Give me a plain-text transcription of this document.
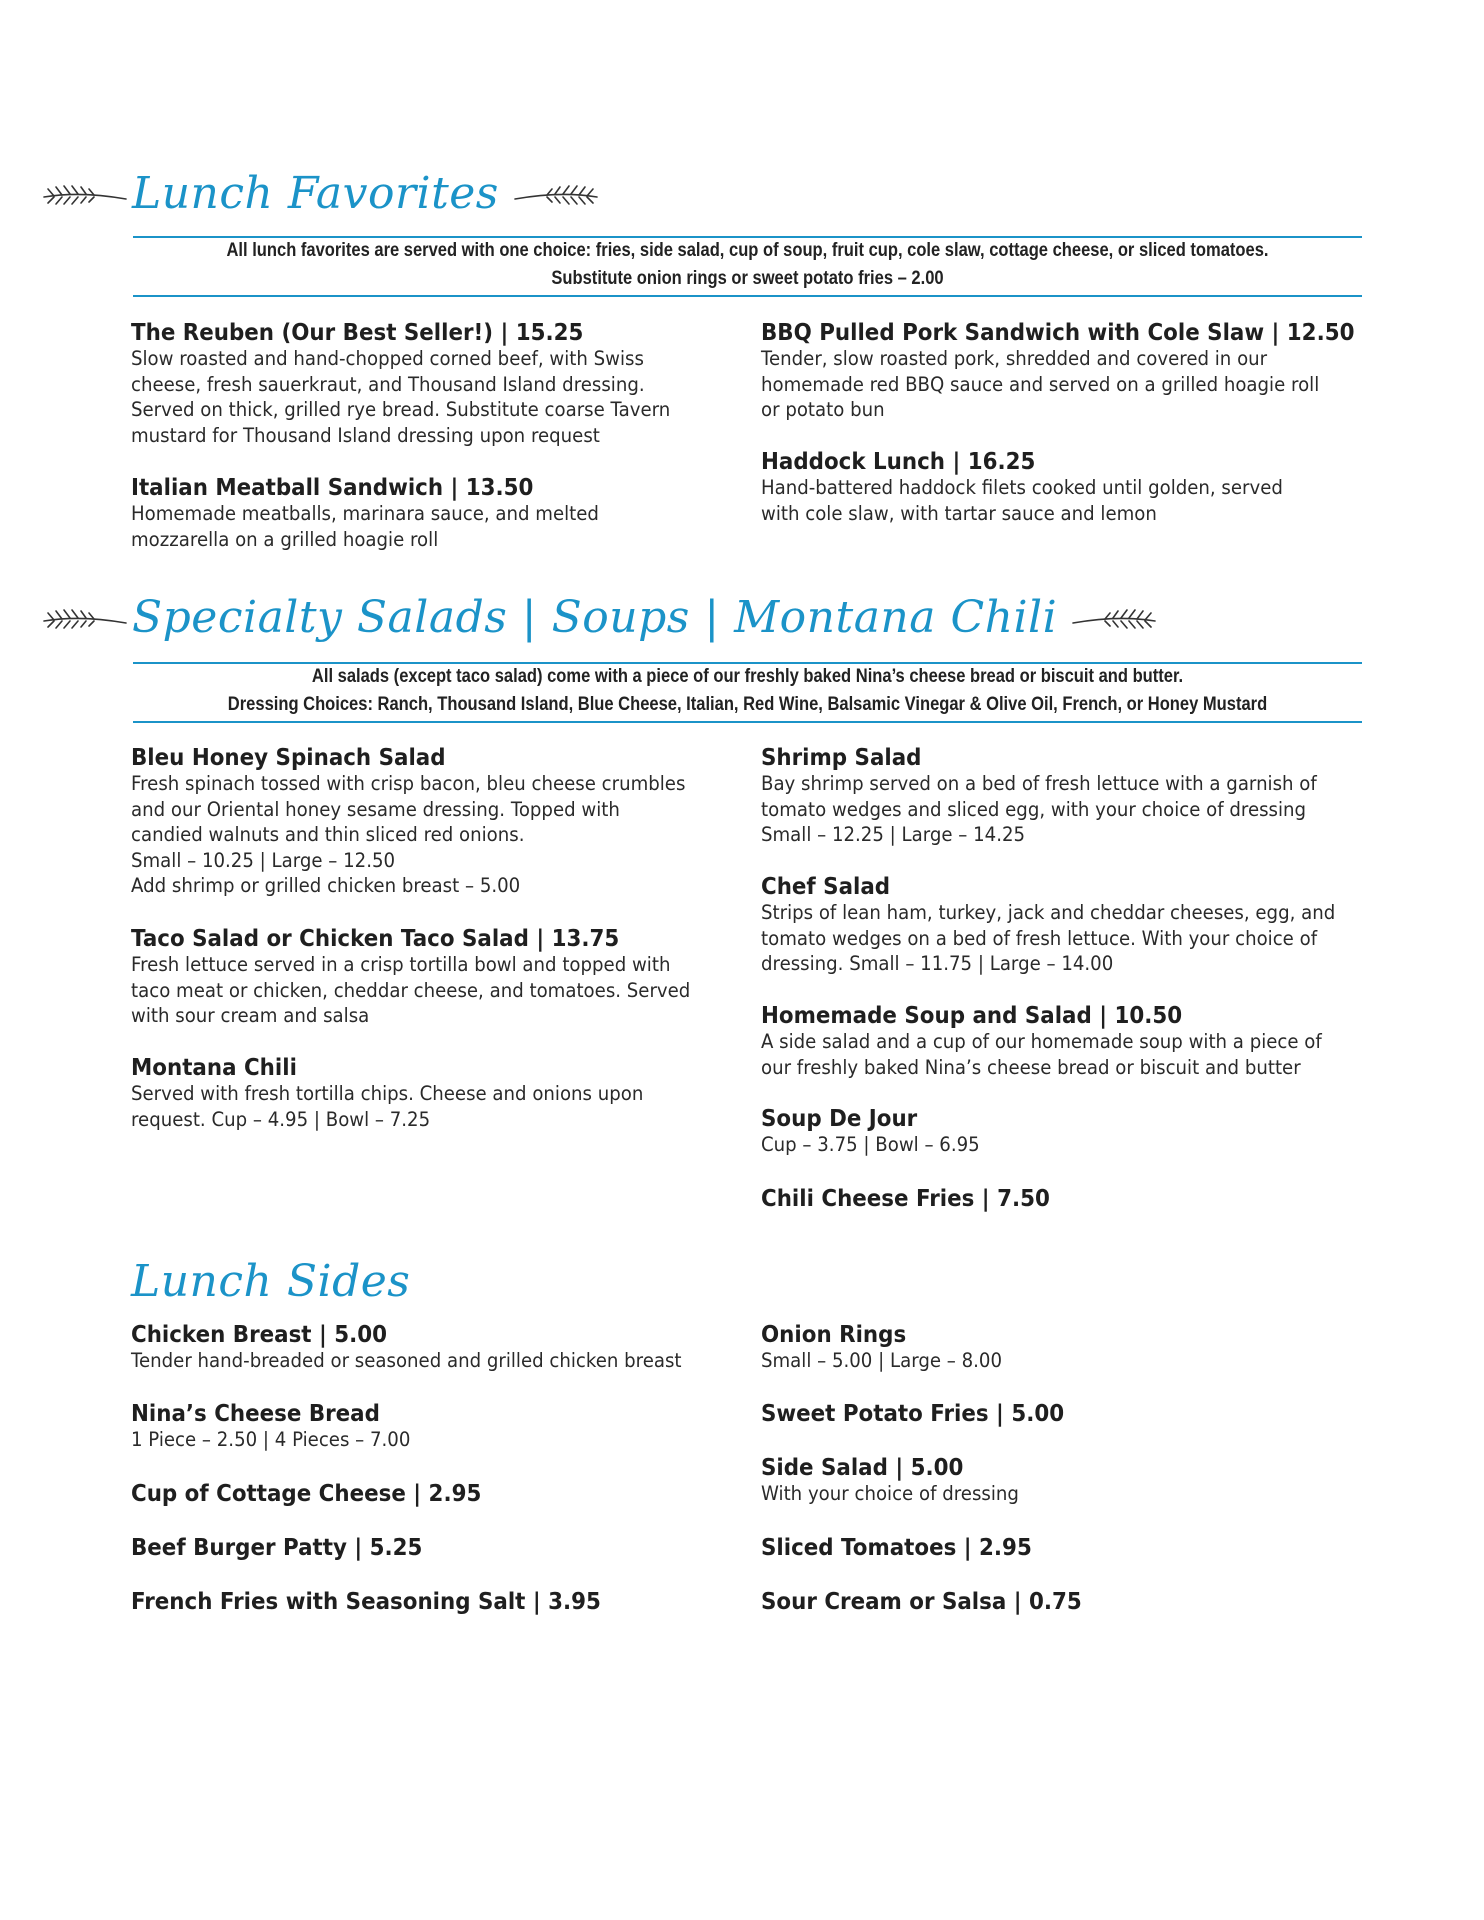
Lunch Favorites
All lunch favorites are served with one choice: fries, side salad, cup of soup, fruit cup, cole slaw, cottage cheese, or sliced tomatoes.
Substitute onion rings or sweet potato fries – 2.00
The Reuben (Our Best Seller!) | 15.25
Slow roasted and hand-chopped corned beef, with Swiss
cheese, fresh sauerkraut, and Thousand Island dressing.
Served on thick, grilled rye bread. Substitute coarse Tavern
mustard for Thousand Island dressing upon request
Italian Meatball Sandwich | 13.50
Homemade meatballs, marinara sauce, and melted
mozzarella on a grilled hoagie roll
BBQ Pulled Pork Sandwich with Cole Slaw | 12.50
Tender, slow roasted pork, shredded and covered in our
homemade red BBQ sauce and served on a grilled hoagie roll
or potato bun
Haddock Lunch | 16.25
Hand-battered haddock filets cooked until golden, served
with cole slaw, with tartar sauce and lemon
Specialty Salads | Soups | Montana Chili
All salads (except taco salad) come with a piece of our freshly baked Nina’s cheese bread or biscuit and butter.
Dressing Choices: Ranch, Thousand Island, Blue Cheese, Italian, Red Wine, Balsamic Vinegar & Olive Oil, French, or Honey Mustard
Bleu Honey Spinach Salad
Fresh spinach tossed with crisp bacon, bleu cheese crumbles
and our Oriental honey sesame dressing. Topped with
candied walnuts and thin sliced red onions.
Small – 10.25 | Large – 12.50
Add shrimp or grilled chicken breast – 5.00
Taco Salad or Chicken Taco Salad | 13.75
Fresh lettuce served in a crisp tortilla bowl and topped with
taco meat or chicken, cheddar cheese, and tomatoes. Served
with sour cream and salsa
Montana Chili
Served with fresh tortilla chips. Cheese and onions upon
request. Cup – 4.95 | Bowl – 7.25
Shrimp Salad
Bay shrimp served on a bed of fresh lettuce with a garnish of
tomato wedges and sliced egg, with your choice of dressing
Small – 12.25 | Large – 14.25
Chef Salad
Strips of lean ham, turkey, jack and cheddar cheeses, egg, and
tomato wedges on a bed of fresh lettuce. With your choice of
dressing. Small – 11.75 | Large – 14.00
Homemade Soup and Salad | 10.50
A side salad and a cup of our homemade soup with a piece of
our freshly baked Nina’s cheese bread or biscuit and butter
Soup De Jour
Cup – 3.75 | Bowl – 6.95
Chili Cheese Fries | 7.50
Lunch Sides
Chicken Breast | 5.00
Tender hand-breaded or seasoned and grilled chicken breast
Nina’s Cheese Bread
1 Piece – 2.50 | 4 Pieces – 7.00
Cup of Cottage Cheese | 2.95
Beef Burger Patty | 5.25
French Fries with Seasoning Salt | 3.95
Onion Rings
Small – 5.00 | Large – 8.00
Sweet Potato Fries | 5.00
Side Salad | 5.00
With your choice of dressing
Sliced Tomatoes | 2.95
Sour Cream or Salsa | 0.75
